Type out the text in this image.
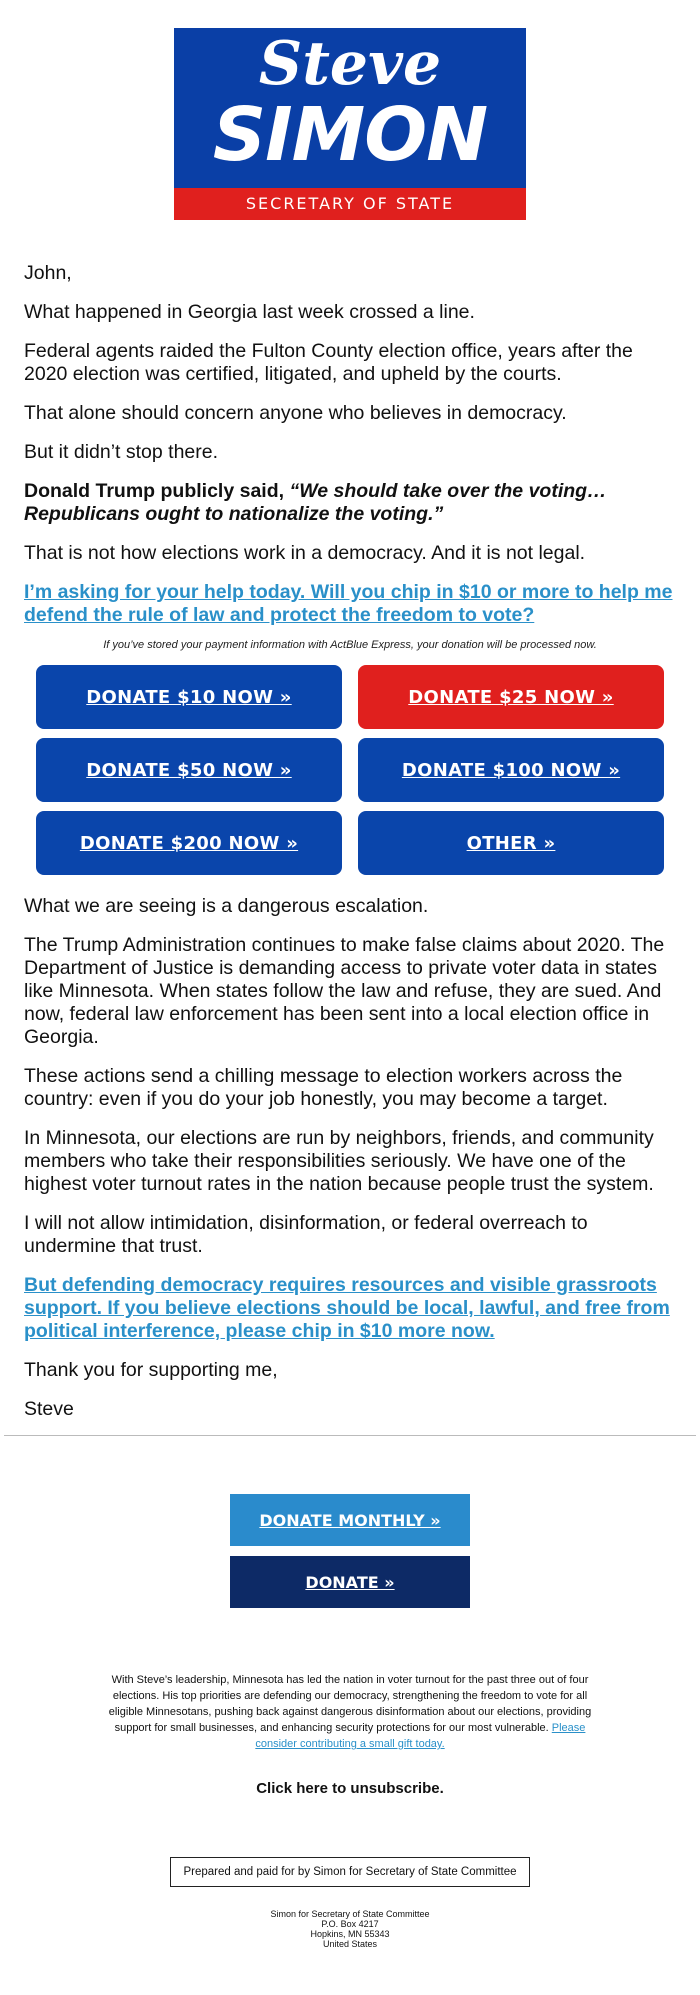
Steve
SIMON
SECRETARY OF STATE

John,

What happened in Georgia last week crossed a line.

Federal agents raided the Fulton County election office, years after the 2020 election was certified, litigated, and upheld by the courts.

That alone should concern anyone who believes in democracy.

But it didn’t stop there.

Donald Trump publicly said, “We should take over the voting… Republicans ought to nationalize the voting.”

That is not how elections work in a democracy. And it is not legal.

I’m asking for your help today. Will you chip in $10 or more to help me defend the rule of law and protect the freedom to vote?

If you’ve stored your payment information with ActBlue Express, your donation will be processed now.

DONATE $10 NOW »	DONATE $25 NOW »
DONATE $50 NOW »	DONATE $100 NOW »
DONATE $200 NOW »	OTHER »

What we are seeing is a dangerous escalation.

The Trump Administration continues to make false claims about 2020. The Department of Justice is demanding access to private voter data in states like Minnesota. When states follow the law and refuse, they are sued. And now, federal law enforcement has been sent into a local election office in Georgia.

These actions send a chilling message to election workers across the country: even if you do your job honestly, you may become a target.

In Minnesota, our elections are run by neighbors, friends, and community members who take their responsibilities seriously. We have one of the highest voter turnout rates in the nation because people trust the system.

I will not allow intimidation, disinformation, or federal overreach to undermine that trust.

But defending democracy requires resources and visible grassroots support. If you believe elections should be local, lawful, and free from political interference, please chip in $10 more now.

Thank you for supporting me,

Steve

DONATE MONTHLY »
DONATE »

With Steve’s leadership, Minnesota has led the nation in voter turnout for the past three out of four elections. His top priorities are defending our democracy, strengthening the freedom to vote for all eligible Minnesotans, pushing back against dangerous disinformation about our elections, providing support for small businesses, and enhancing security protections for our most vulnerable. Please consider contributing a small gift today.

Click here to unsubscribe.

Prepared and paid for by Simon for Secretary of State Committee
Simon for Secretary of State Committee
P.O. Box 4217
Hopkins, MN 55343
United States
